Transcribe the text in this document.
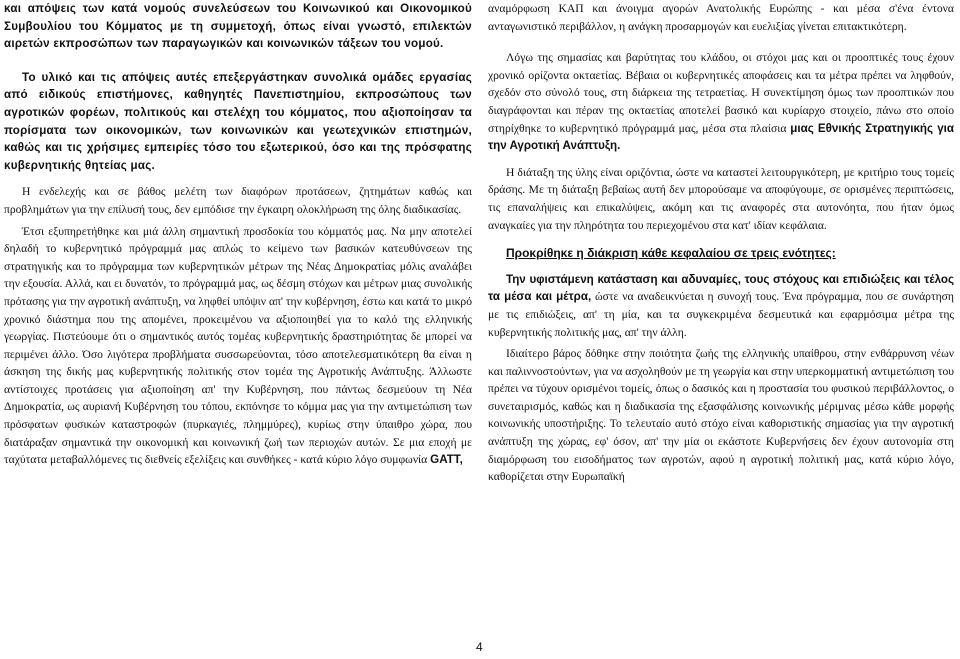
και απόψεις των κατά νομούς συνελεύσεων του Κοινωνικού και Οικονομικού Συμβουλίου του Κόμματος με τη συμμετοχή, όπως είναι γνωστό, επιλεκτών αιρετών εκπροσώπων των παραγωγικών και κοινωνικών τάξεων του νομού.

Το υλικό και τις απόψεις αυτές επεξεργάστηκαν συνολικά ομάδες εργασίας από ειδικούς επιστήμονες, καθηγητές Πανεπιστημίου, εκπροσώπους των αγροτικών φορέων, πολιτικούς και στελέχη του κόμματος, που αξιοποίησαν τα πορίσματα των οικονομικών, των κοινωνικών και γεωτεχνικών επιστημών, καθώς και τις χρήσιμες εμπειρίες τόσο του εξωτερικού, όσο και της πρόσφατης κυβερνητικής θητείας μας.

Η ενδελεχής και σε βάθος μελέτη των διαφόρων προτάσεων, ζητημάτων καθώς και προβλημάτων για την επίλυσή τους, δεν εμπόδισε την έγκαιρη ολοκλήρωση της όλης διαδικασίας.

Έτσι εξυπηρετήθηκε και μιά άλλη σημαντική προσδοκία του κόμματός μας. Να μην αποτελεί δηλαδή το κυβερνητικό πρόγραμμά μας απλώς το κείμενο των βασικών κατευθύνσεων της στρατηγικής και το πρόγραμμα των κυβερνητικών μέτρων της Νέας Δημοκρατίας μόλις αναλάβει την εξουσία. Αλλά, και ει δυνατόν, το πρόγραμμά μας, ως δέσμη στόχων και μέτρων μιας συνολικής πρότασης για την αγροτική ανάπτυξη, να ληφθεί υπόψιν απ' την κυβέρνηση, έστω και κατά το μικρό χρονικό διάστημα που της απομένει, προκειμένου να αξιοποιηθεί για το καλό της ελληνικής γεωργίας. Πιστεύουμε ότι ο σημαντικός αυτός τομέας κυβερνητικής δραστηριότητας δε μπορεί να περιμένει άλλο. Όσο λιγότερα προβλήματα συσσωρεύονται, τόσο αποτελεσματικότερη θα είναι η άσκηση της δικής μας κυβερνητικής πολιτικής στον τομέα της Αγροτικής Ανάπτυξης. Άλλωστε αντίστοιχες προτάσεις για αξιοποίηση απ' την Κυβέρνηση, που πάντως δεσμεύουν τη Νέα Δημοκρατία, ως αυριανή Κυβέρνηση του τόπου, εκπόνησε το κόμμα μας για την αντιμετώπιση των πρόσφατων φυσικών καταστροφών (πυρκαγιές, πλημμύρες), κυρίως στην ύπαιθρο χώρα, που διατάραξαν σημαντικά την οικονομική και κοινωνική ζωή των περιοχών αυτών. Σε μια εποχή με ταχύτατα μεταβαλλόμενες τις διεθνείς εξελίξεις και συνθήκες - κατά κύριο λόγο συμφωνία GATT,

αναμόρφωση ΚΑΠ και άνοιγμα αγορών Ανατολικής Ευρώπης - και μέσα σ'ένα έντονα ανταγωνιστικό περιβάλλον, η ανάγκη προσαρμογών και ευελιξίας γίνεται επιτακτικότερη.

Λόγω της σημασίας και βαρύτητας του κλάδου, οι στόχοι μας και οι προοπτικές τους έχουν χρονικό ορίζοντα οκταετίας. Βέβαια οι κυβερνητικές αποφάσεις και τα μέτρα πρέπει να ληφθούν, σχεδόν στο σύνολό τους, στη διάρκεια της τετραετίας. Η συνεκτίμηση όμως των προοπτικών που διαγράφονται και πέραν της οκταετίας αποτελεί βασικό και κυρίαρχο στοιχείο, πάνω στο οποίο στηρίχθηκε το κυβερνητικό πρόγραμμά μας, μέσα στα πλαίσια μιας Εθνικής Στρατηγικής για την Αγροτική Ανάπτυξη.

Η διάταξη της ύλης είναι οριζόντια, ώστε να καταστεί λειτουργικότερη, με κριτήριο τους τομείς δράσης. Με τη διάταξη βεβαίως αυτή δεν μπορούσαμε να αποφύγουμε, σε ορισμένες περιπτώσεις, τις επαναλήψεις και επικαλύψεις, ακόμη και τις αναφορές στα αυτονόητα, που ήταν όμως αναγκαίες για την πληρότητα του περιεχομένου στα κατ' ιδίαν κεφάλαια.

Προκρίθηκε η διάκριση κάθε κεφαλαίου σε τρεις ενότητες:

Την υφιστάμενη κατάσταση και αδυναμίες, τους στόχους και επιδιώξεις και τέλος τα μέσα και μέτρα, ώστε να αναδεικνύεται η συνοχή τους. Ένα πρόγραμμα, που σε συνάρτηση με τις επιδιώξεις, απ' τη μία, και τα συγκεκριμένα δεσμευτικά και εφαρμόσιμα μέτρα της κυβερνητικής πολιτικής μας, απ' την άλλη.

Ιδιαίτερο βάρος δόθηκε στην ποιότητα ζωής της ελληνικής υπαίθρου, στην ενθάρρυνση νέων και παλιννοστούντων, για να ασχοληθούν με τη γεωργία και στην υπερκομματική αντιμετώπιση του πρέπει να τύχουν ορισμένοι τομείς, όπως ο δασικός και η προστασία του φυσικού περιβάλλοντος, ο συνεταιρισμός, καθώς και η διαδικασία της εξασφάλισης κοινωνικής μέριμνας μέσω κάθε μορφής κοινωνικής υποστήριξης. Το τελευταίο αυτό στόχο είναι καθοριστικής σημασίας για την αγροτική ανάπτυξη της χώρας, εφ' όσον, απ' την μία οι εκάστοτε Κυβερνήσεις δεν έχουν αυτονομία στη διαμόρφωση του εισοδήματος των αγροτών, αφού η αγροτική πολιτική μας, κατά κύριο λόγο, καθορίζεται στην Ευρωπαϊκή

4
